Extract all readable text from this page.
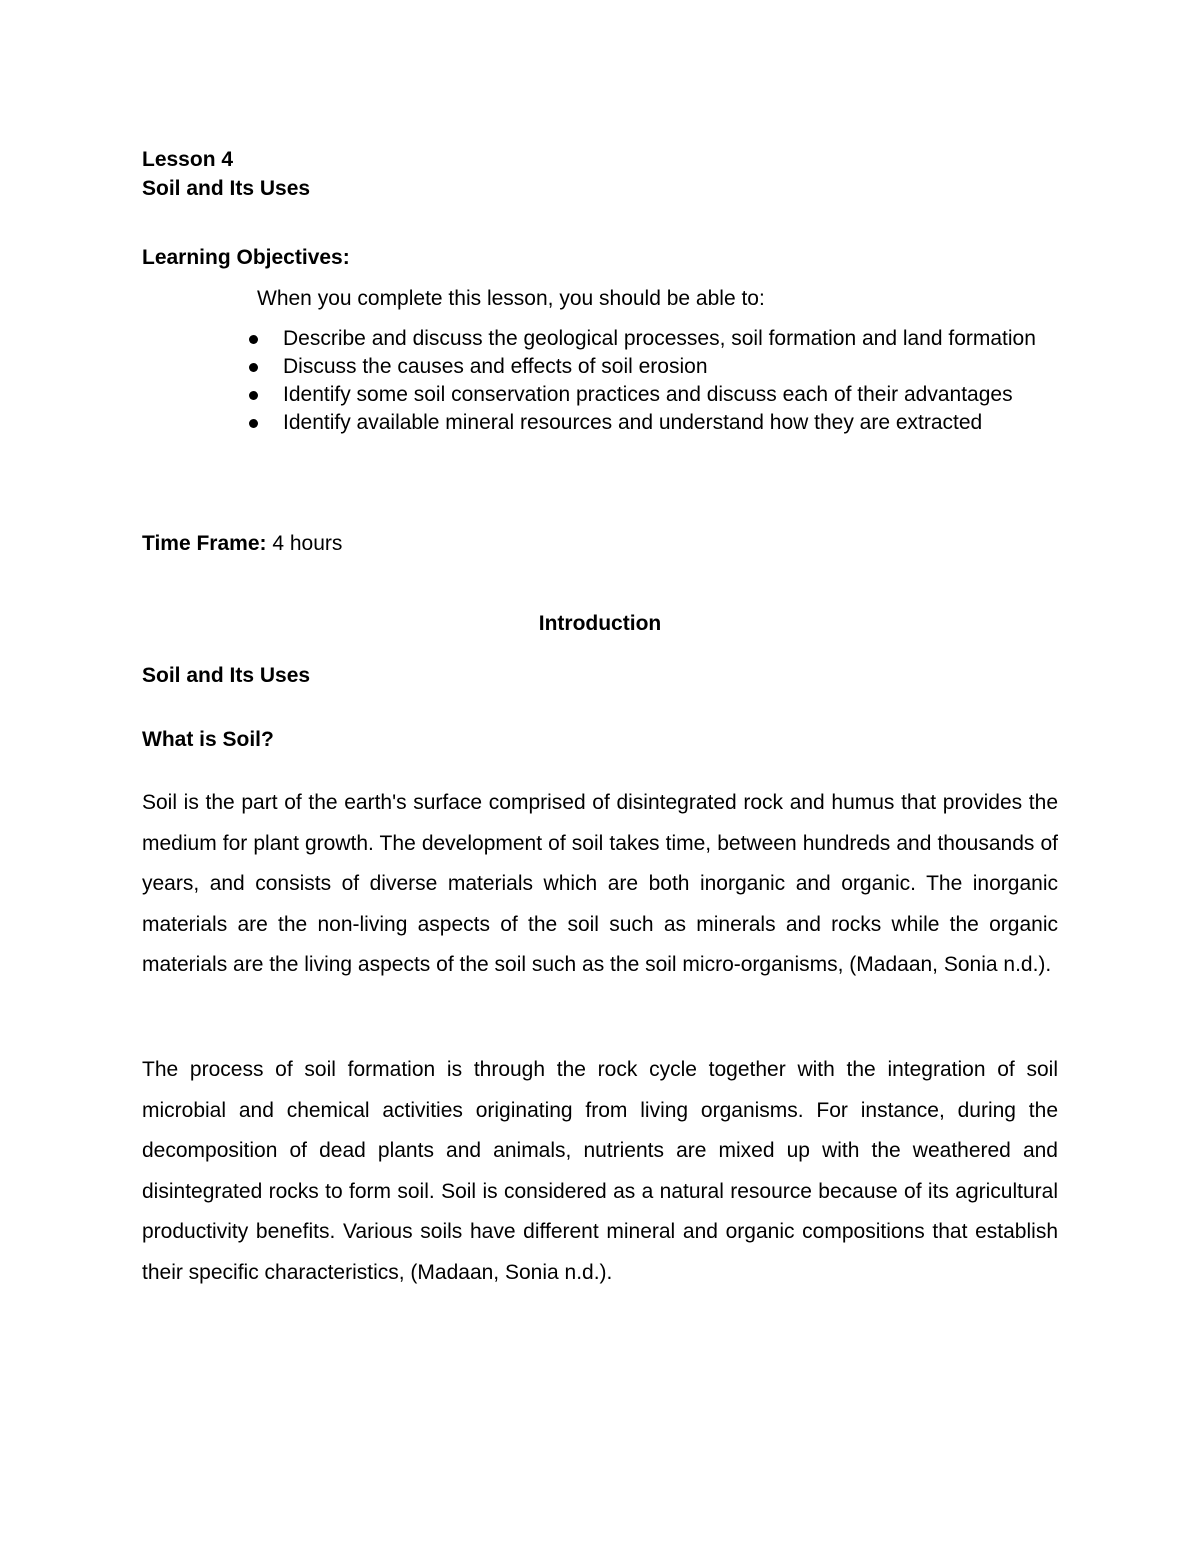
Lesson 4

Soil and Its Uses

Learning Objectives:

When you complete this lesson, you should be able to:

Describe and discuss the geological processes, soil formation and land formation
Discuss the causes and effects of soil erosion
Identify some soil conservation practices and discuss each of their advantages
Identify available mineral resources and understand how they are extracted

Time Frame: 4 hours

Introduction

Soil and Its Uses

What is Soil?

Soil is the part of the earth's surface comprised of disintegrated rock and humus that provides the medium for plant growth. The development of soil takes time, between hundreds and thousands of years, and consists of diverse materials which are both inorganic and organic. The inorganic materials are the non-living aspects of the soil such as minerals and rocks while the organic materials are the living aspects of the soil such as the soil micro-organisms, (Madaan, Sonia n.d.).

The process of soil formation is through the rock cycle together with the integration of soil microbial and chemical activities originating from living organisms. For instance, during the decomposition of dead plants and animals, nutrients are mixed up with the weathered and disintegrated rocks to form soil. Soil is considered as a natural resource because of its agricultural productivity benefits. Various soils have different mineral and organic compositions that establish their specific characteristics, (Madaan, Sonia n.d.).
